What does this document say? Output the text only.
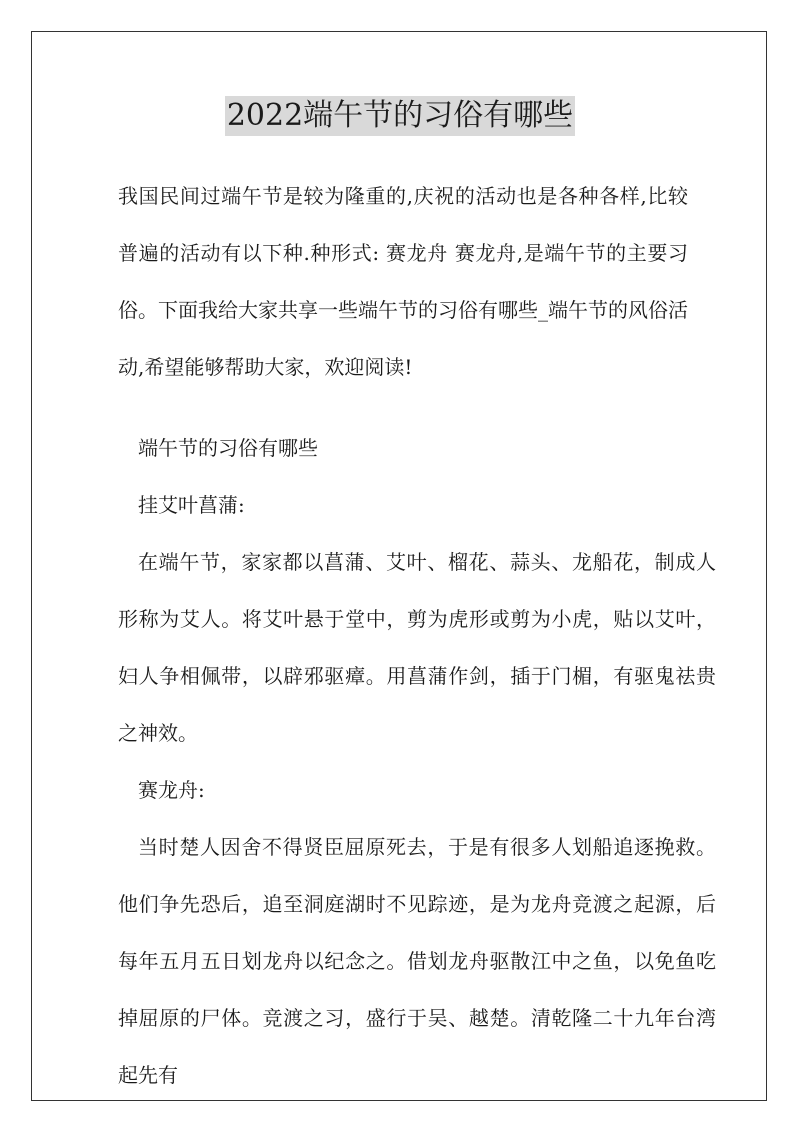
2022端午节的习俗有哪些

我国民间过端午节是较为隆重的,庆祝的活动也是各种各样,比较普遍的活动有以下种.种形式: 赛龙舟 赛龙舟,是端午节的主要习俗。下面我给大家共享一些端午节的习俗有哪些_端午节的风俗活动,希望能够帮助大家，欢迎阅读!

端午节的习俗有哪些

挂艾叶菖蒲:

在端午节，家家都以菖蒲、艾叶、榴花、蒜头、龙船花，制成人形称为艾人。将艾叶悬于堂中，剪为虎形或剪为小虎，贴以艾叶，妇人争相佩带，以辟邪驱瘴。用菖蒲作剑，插于门楣，有驱鬼祛贵之神效。

赛龙舟:

当时楚人因舍不得贤臣屈原死去，于是有很多人划船追逐挽救。他们争先恐后，追至洞庭湖时不见踪迹，是为龙舟竞渡之起源，后每年五月五日划龙舟以纪念之。借划龙舟驱散江中之鱼，以免鱼吃掉屈原的尸体。竞渡之习，盛行于吴、越楚。清乾隆二十九年台湾起先有
